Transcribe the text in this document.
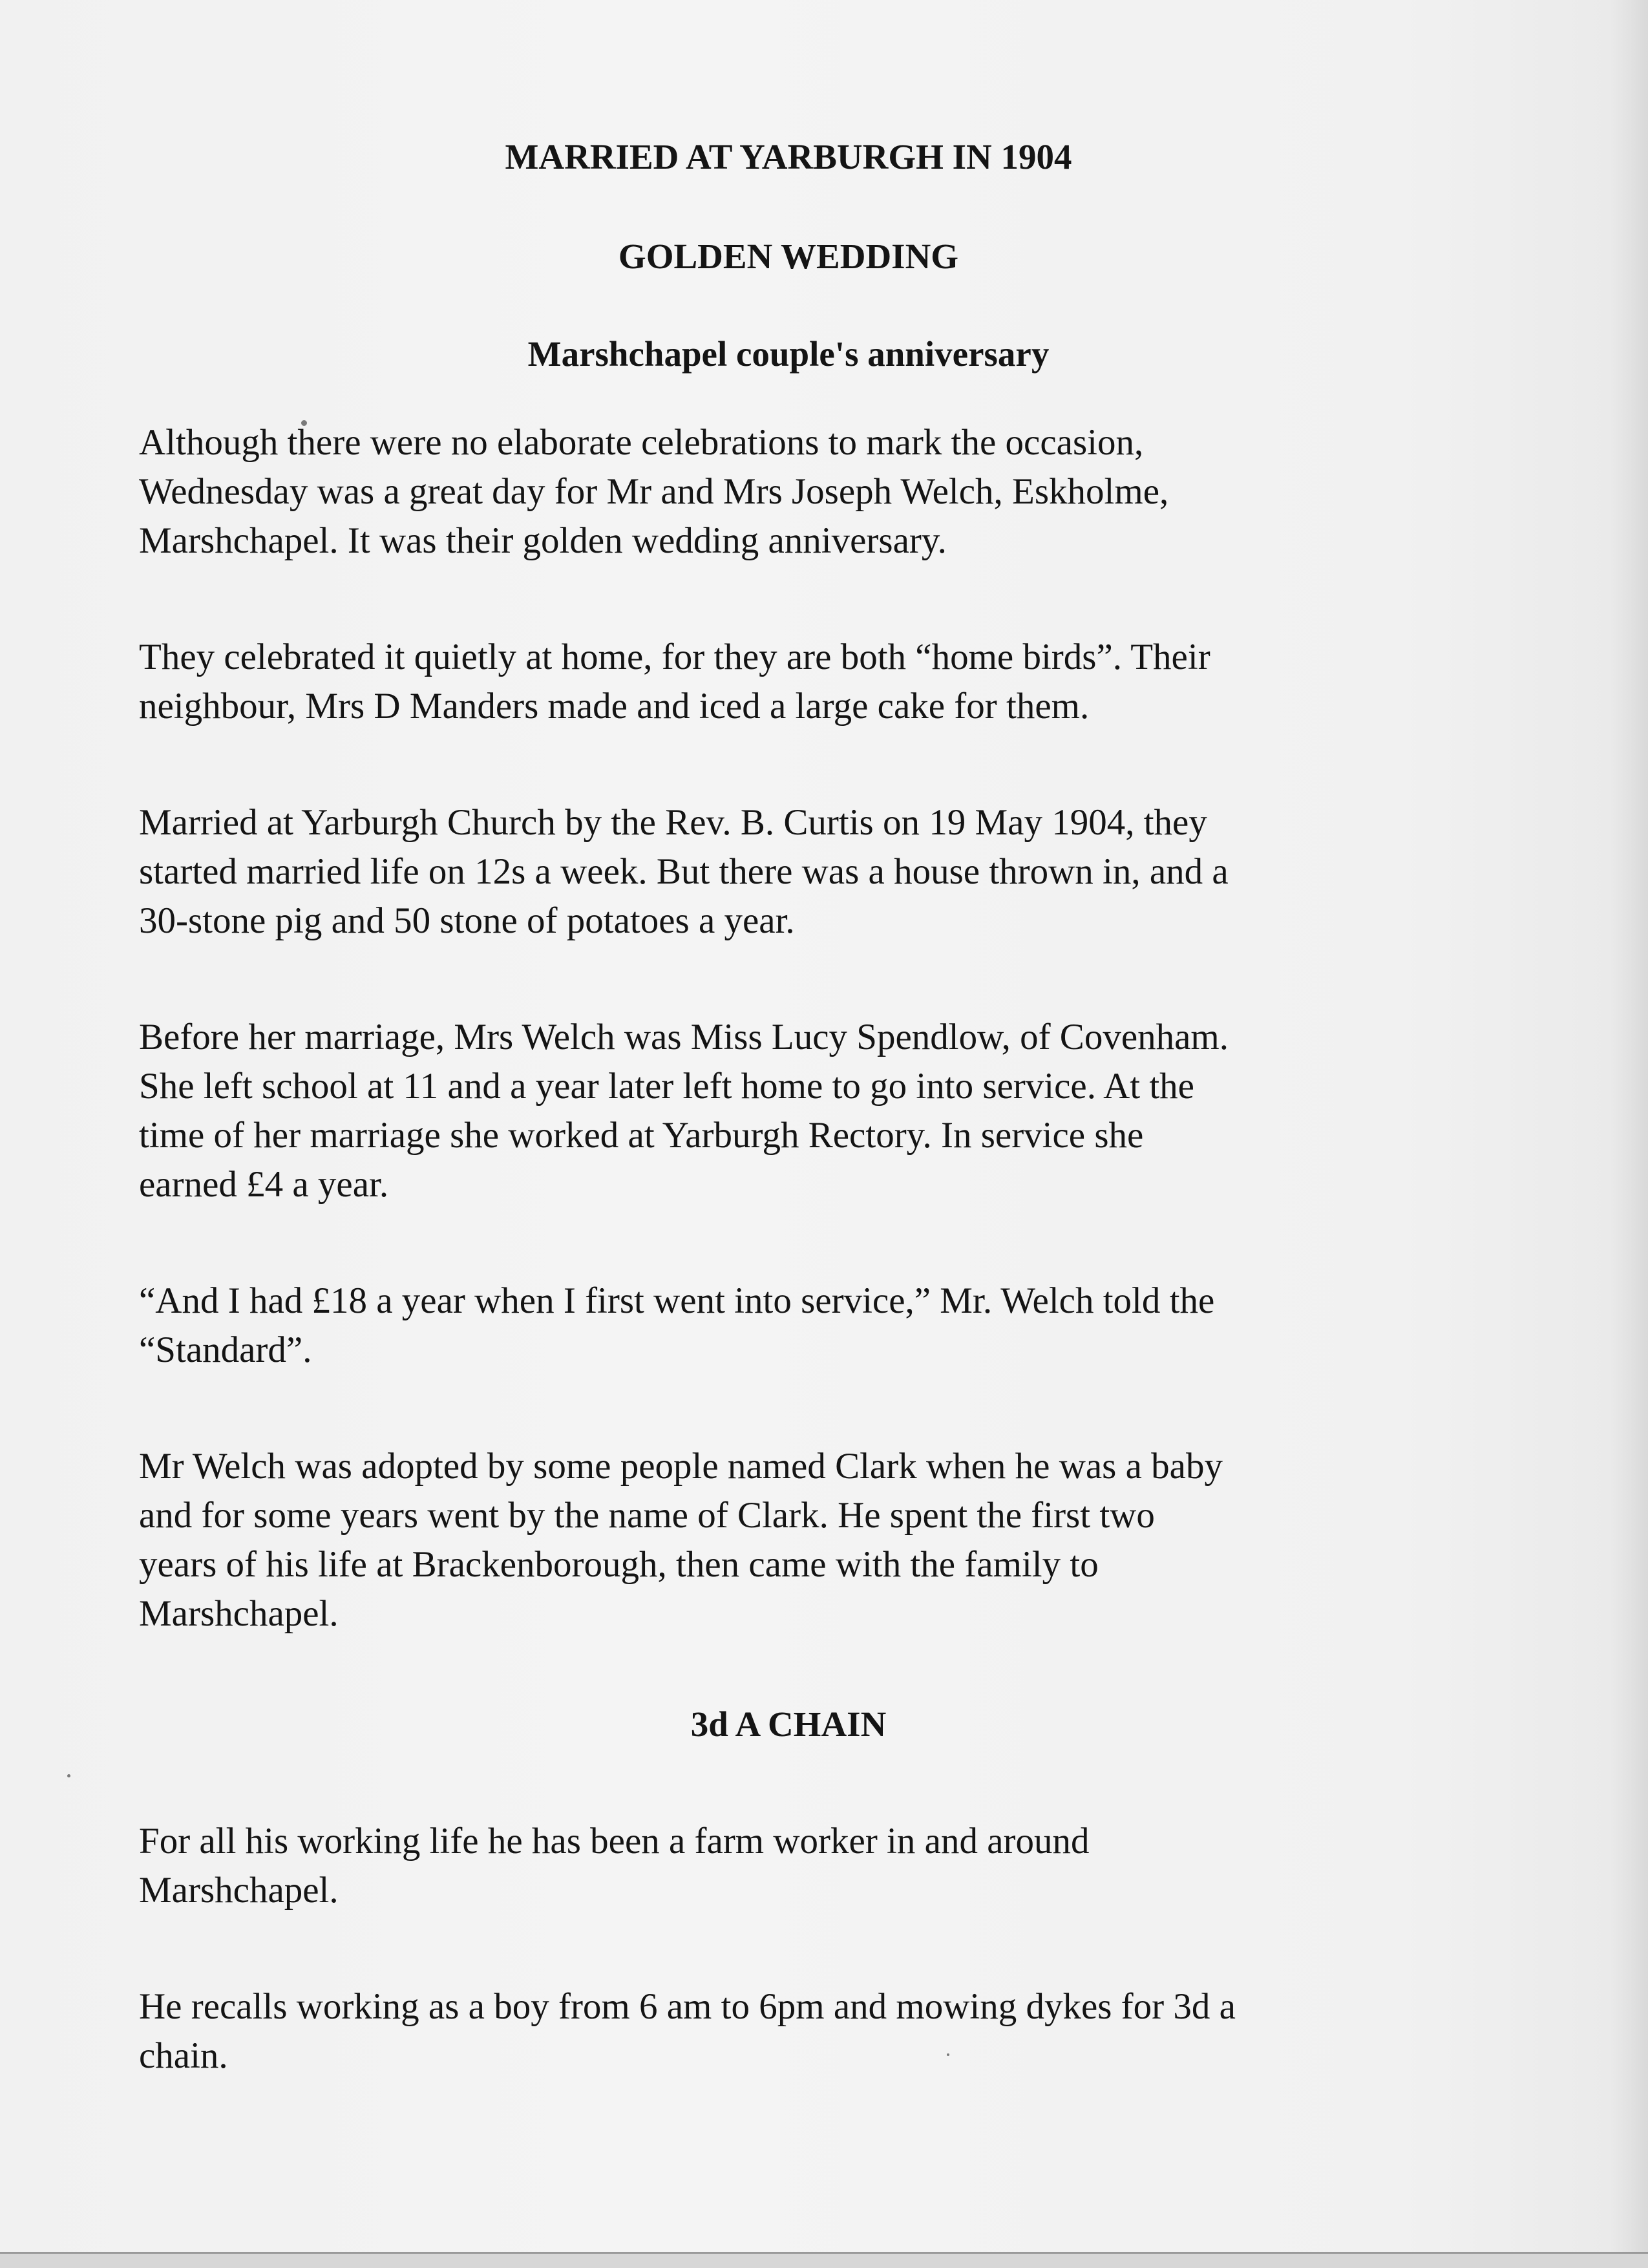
MARRIED AT YARBURGH IN 1904
GOLDEN WEDDING
Marshchapel couple's anniversary

Although there were no elaborate celebrations to mark the occasion,
Wednesday was a great day for Mr and Mrs Joseph Welch, Eskholme,
Marshchapel. It was their golden wedding anniversary.

They celebrated it quietly at home, for they are both “home birds”. Their
neighbour, Mrs D Manders made and iced a large cake for them.

Married at Yarburgh Church by the Rev. B. Curtis on 19 May 1904, they
started married life on 12s a week. But there was a house thrown in, and a
30-stone pig and 50 stone of potatoes a year.

Before her marriage, Mrs Welch was Miss Lucy Spendlow, of Covenham.
She left school at 11 and a year later left home to go into service. At the
time of her marriage she worked at Yarburgh Rectory. In service she
earned £4 a year.

“And I had £18 a year when I first went into service,” Mr. Welch told the
“Standard”.

Mr Welch was adopted by some people named Clark when he was a baby
and for some years went by the name of Clark. He spent the first two
years of his life at Brackenborough, then came with the family to
Marshchapel.

3d A CHAIN

For all his working life he has been a farm worker in and around
Marshchapel.

He recalls working as a boy from 6 am to 6pm and mowing dykes for 3d a
chain.
